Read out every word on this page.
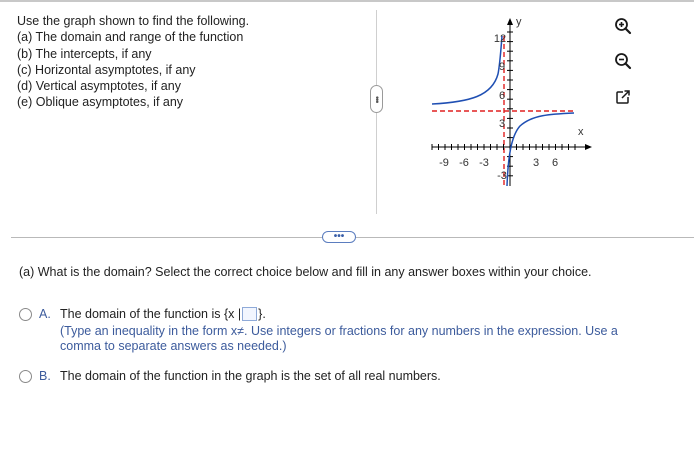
Use the graph shown to find the following.
(a) The domain and range of the function
(b) The intercepts, if any
(c) Horizontal asymptotes, if any
(d) Vertical asymptotes, if any
(e) Oblique asymptotes, if any	•••
y
x
-9 -6 -3	3 6
12
9
6
3
-3
•••
(a) What is the domain? Select the correct choice below and fill in any answer boxes within your choice.
A. The domain of the function is {x | }.
(Type an inequality in the form x≠. Use integers or fractions for any numbers in the expression. Use a
comma to separate answers as needed.)
B. The domain of the function in the graph is the set of all real numbers.
